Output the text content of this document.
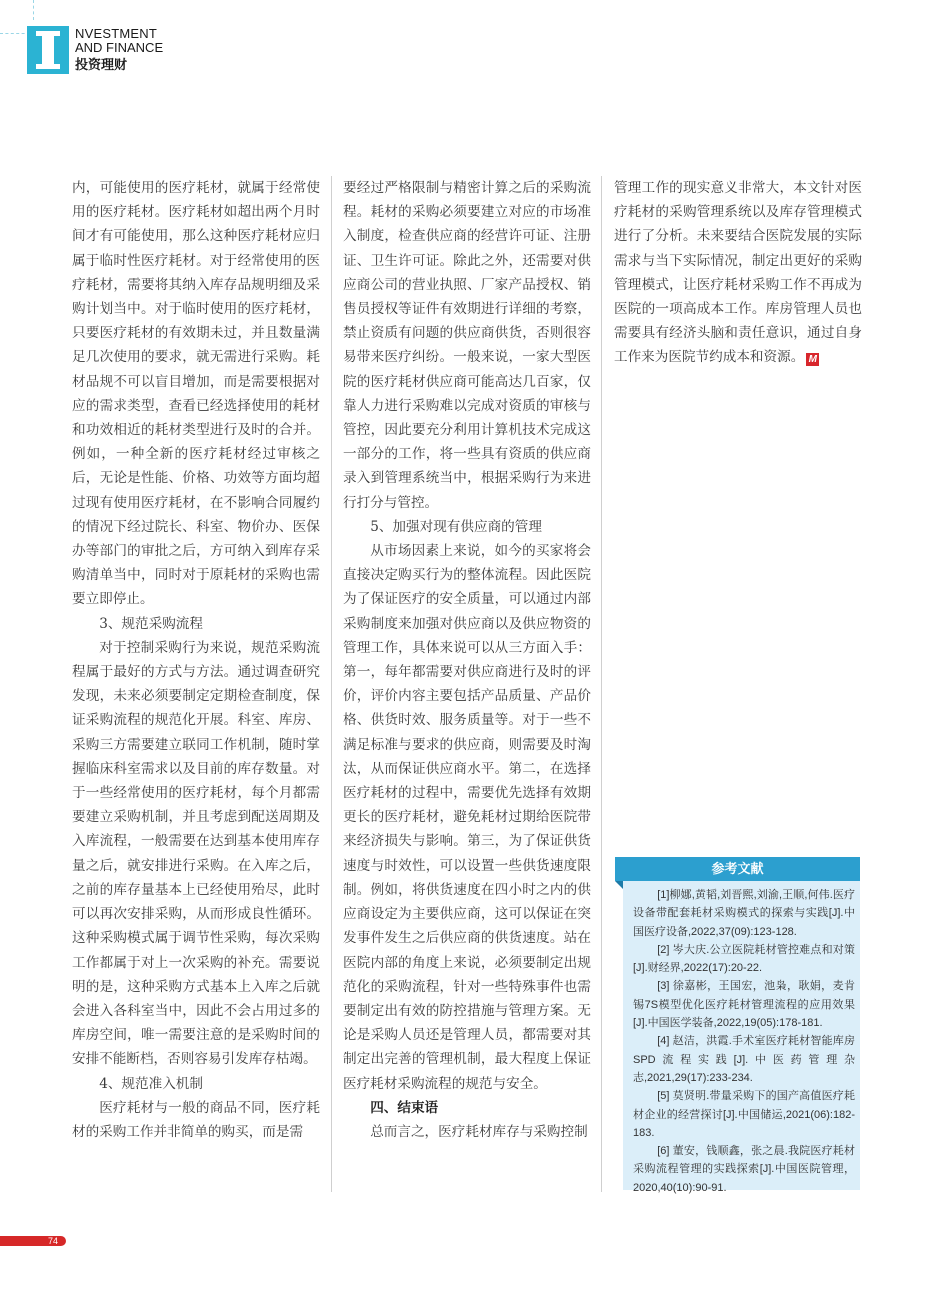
NVESTMENT
AND FINANCE
投资理财

内，可能使用的医疗耗材，就属于经常使用的医疗耗材。医疗耗材如超出两个月时间才有可能使用，那么这种医疗耗材应归属于临时性医疗耗材。对于经常使用的医疗耗材，需要将其纳入库存品规明细及采购计划当中。对于临时使用的医疗耗材，只要医疗耗材的有效期未过，并且数量满足几次使用的要求，就无需进行采购。耗材品规不可以盲目增加，而是需要根据对应的需求类型，查看已经选择使用的耗材和功效相近的耗材类型进行及时的合并。例如，一种全新的医疗耗材经过审核之后，无论是性能、价格、功效等方面均超过现有使用医疗耗材，在不影响合同履约的情况下经过院长、科室、物价办、医保办等部门的审批之后，方可纳入到库存采购清单当中，同时对于原耗材的采购也需要立即停止。

3、规范采购流程

对于控制采购行为来说，规范采购流程属于最好的方式与方法。通过调查研究发现，未来必须要制定定期检查制度，保证采购流程的规范化开展。科室、库房、采购三方需要建立联同工作机制，随时掌握临床科室需求以及目前的库存数量。对于一些经常使用的医疗耗材，每个月都需要建立采购机制，并且考虑到配送周期及入库流程，一般需要在达到基本使用库存量之后，就安排进行采购。在入库之后，之前的库存量基本上已经使用殆尽，此时可以再次安排采购，从而形成良性循环。这种采购模式属于调节性采购，每次采购工作都属于对上一次采购的补充。需要说明的是，这种采购方式基本上入库之后就会进入各科室当中，因此不会占用过多的库房空间，唯一需要注意的是采购时间的安排不能断档，否则容易引发库存枯竭。

4、规范准入机制

医疗耗材与一般的商品不同，医疗耗材的采购工作并非简单的购买，而是需

要经过严格限制与精密计算之后的采购流程。耗材的采购必须要建立对应的市场准入制度，检查供应商的经营许可证、注册证、卫生许可证。除此之外，还需要对供应商公司的营业执照、厂家产品授权、销售员授权等证件有效期进行详细的考察，禁止资质有问题的供应商供货，否则很容易带来医疗纠纷。一般来说，一家大型医院的医疗耗材供应商可能高达几百家，仅靠人力进行采购难以完成对资质的审核与管控，因此要充分利用计算机技术完成这一部分的工作，将一些具有资质的供应商录入到管理系统当中，根据采购行为来进行打分与管控。

5、加强对现有供应商的管理

从市场因素上来说，如今的买家将会直接决定购买行为的整体流程。因此医院为了保证医疗的安全质量，可以通过内部采购制度来加强对供应商以及供应物资的管理工作，具体来说可以从三方面入手：第一，每年都需要对供应商进行及时的评价，评价内容主要包括产品质量、产品价格、供货时效、服务质量等。对于一些不满足标准与要求的供应商，则需要及时淘汰，从而保证供应商水平。第二，在选择医疗耗材的过程中，需要优先选择有效期更长的医疗耗材，避免耗材过期给医院带来经济损失与影响。第三，为了保证供货速度与时效性，可以设置一些供货速度限制。例如，将供货速度在四小时之内的供应商设定为主要供应商，这可以保证在突发事件发生之后供应商的供货速度。站在医院内部的角度上来说，必须要制定出规范化的采购流程，针对一些特殊事件也需要制定出有效的防控措施与管理方案。无论是采购人员还是管理人员，都需要对其制定出完善的管理机制，最大程度上保证医疗耗材采购流程的规范与安全。

四、结束语

总而言之，医疗耗材库存与采购控制

管理工作的现实意义非常大，本文针对医疗耗材的采购管理系统以及库存管理模式进行了分析。未来要结合医院发展的实际需求与当下实际情况，制定出更好的采购管理模式，让医疗耗材采购工作不再成为医院的一项高成本工作。库房管理人员也需要具有经济头脑和责任意识，通过自身工作来为医院节约成本和资源。 M

参考文献

[1]柳娜,黄韬,刘晋熙,刘渝,王顺,何伟.医疗设备带配套耗材采购模式的探索与实践[J].中国医疗设备,2022,37(09):123-128.

[2] 岑大庆.公立医院耗材管控难点和对策[J].财经界,2022(17):20-22.

[3] 徐嘉彬，王国宏，池枭，耿娟，麦肯锡7S模型优化医疗耗材管理流程的应用效果[J].中国医学装备,2022,19(05):178-181.

[4] 赵洁，洪霞.手术室医疗耗材智能库房SPD流程实践[J].中医药管理杂志,2021,29(17):233-234.

[5] 莫贤明.带量采购下的国产高值医疗耗材企业的经营探讨[J].中国储运,2021(06):182-183.

[6] 董安，钱顺鑫，张之晨.我院医疗耗材采购流程管理的实践探索[J].中国医院管理，2020,40(10):90-91.

74
